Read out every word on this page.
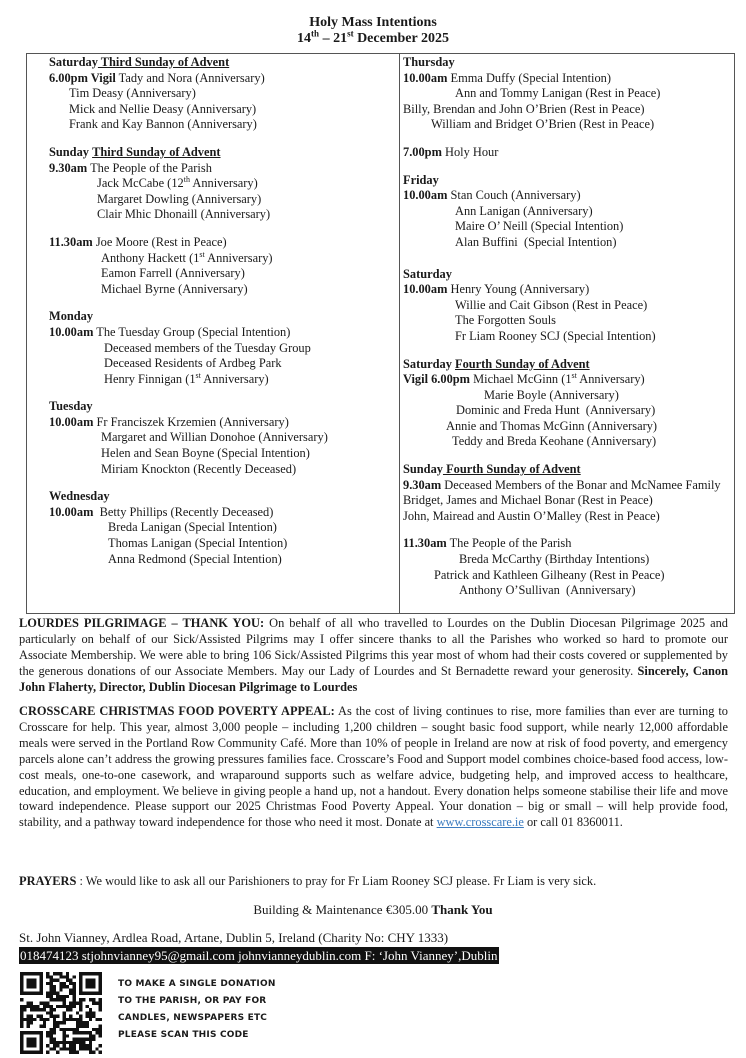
Holy Mass Intentions
14th – 21st December 2025
Saturday Third Sunday of Advent
6.00pm Vigil Tady and Nora (Anniversary)
Tim Deasy (Anniversary)
Mick and Nellie Deasy (Anniversary)
Frank and Kay Bannon (Anniversary)
Sunday Third Sunday of Advent
9.30am The People of the Parish
Jack McCabe (12th Anniversary)
Margaret Dowling (Anniversary)
Clair Mhic Dhonaill (Anniversary)
11.30am Joe Moore (Rest in Peace)
Anthony Hackett (1st Anniversary)
Eamon Farrell (Anniversary)
Michael Byrne (Anniversary)
Monday
10.00am The Tuesday Group (Special Intention)
Deceased members of the Tuesday Group
Deceased Residents of Ardbeg Park
Henry Finnigan (1st Anniversary)
Tuesday
10.00am Fr Franciszek Krzemien (Anniversary)
Margaret and Willian Donohoe (Anniversary)
Helen and Sean Boyne (Special Intention)
Miriam Knockton (Recently Deceased)
Wednesday
10.00am  Betty Phillips (Recently Deceased)
Breda Lanigan (Special Intention)
Thomas Lanigan (Special Intention)
Anna Redmond (Special Intention)
Thursday
10.00am Emma Duffy (Special Intention)
Ann and Tommy Lanigan (Rest in Peace)
Billy, Brendan and John O’Brien (Rest in Peace)
William and Bridget O’Brien (Rest in Peace)
7.00pm Holy Hour
Friday
10.00am Stan Couch (Anniversary)
Ann Lanigan (Anniversary)
Maire O’ Neill (Special Intention)
Alan Buffini  (Special Intention)
Saturday
10.00am Henry Young (Anniversary)
Willie and Cait Gibson (Rest in Peace)
The Forgotten Souls
Fr Liam Rooney SCJ (Special Intention)
Saturday Fourth Sunday of Advent
Vigil 6.00pm Michael McGinn (1st Anniversary)
Marie Boyle (Anniversary)
Dominic and Freda Hunt  (Anniversary)
Annie and Thomas McGinn (Anniversary)
Teddy and Breda Keohane (Anniversary)
Sunday Fourth Sunday of Advent
9.30am Deceased Members of the Bonar and McNamee Family
Bridget, James and Michael Bonar (Rest in Peace)
John, Mairead and Austin O’Malley (Rest in Peace)
11.30am The People of the Parish
Breda McCarthy (Birthday Intentions)
Patrick and Kathleen Gilheany (Rest in Peace)
Anthony O’Sullivan  (Anniversary)
LOURDES PILGRIMAGE – THANK YOU: On behalf of all who travelled to Lourdes on the Dublin Diocesan Pilgrimage 2025 and particularly on behalf of our Sick/Assisted Pilgrims may I offer sincere thanks to all the Parishes who worked so hard to promote our Associate Membership. We were able to bring 106 Sick/Assisted Pilgrims this year most of whom had their costs covered or supplemented by the generous donations of our Associate Members. May our Lady of Lourdes and St Bernadette reward your generosity. Sincerely, Canon John Flaherty, Director, Dublin Diocesan Pilgrimage to Lourdes
CROSSCARE CHRISTMAS FOOD POVERTY APPEAL: As the cost of living continues to rise, more families than ever are turning to Crosscare for help. This year, almost 3,000 people – including 1,200 children – sought basic food support, while nearly 12,000 affordable meals were served in the Portland Row Community Café. More than 10% of people in Ireland are now at risk of food poverty, and emergency parcels alone can’t address the growing pressures families face. Crosscare’s Food and Support model combines choice-based food access, low-cost meals, one-to-one casework, and wraparound supports such as welfare advice, budgeting help, and improved access to healthcare, education, and employment. We believe in giving people a hand up, not a handout. Every donation helps someone stabilise their life and move toward independence. Please support our 2025 Christmas Food Poverty Appeal. Your donation – big or small – will help provide food, stability, and a pathway toward independence for those who need it most. Donate at www.crosscare.ie or call 01 8360011.
PRAYERS : We would like to ask all our Parishioners to pray for Fr Liam Rooney SCJ please. Fr Liam is very sick.
Building & Maintenance €305.00 Thank You
St. John Vianney, Ardlea Road, Artane, Dublin 5, Ireland (Charity No: CHY 1333)
018474123 stjohnvianney95@gmail.com johnvianneydublin.com F: ‘John Vianney’,Dublin
TO MAKE A SINGLE DONATION
TO THE PARISH, OR PAY FOR
CANDLES, NEWSPAPERS ETC
PLEASE SCAN THIS CODE
